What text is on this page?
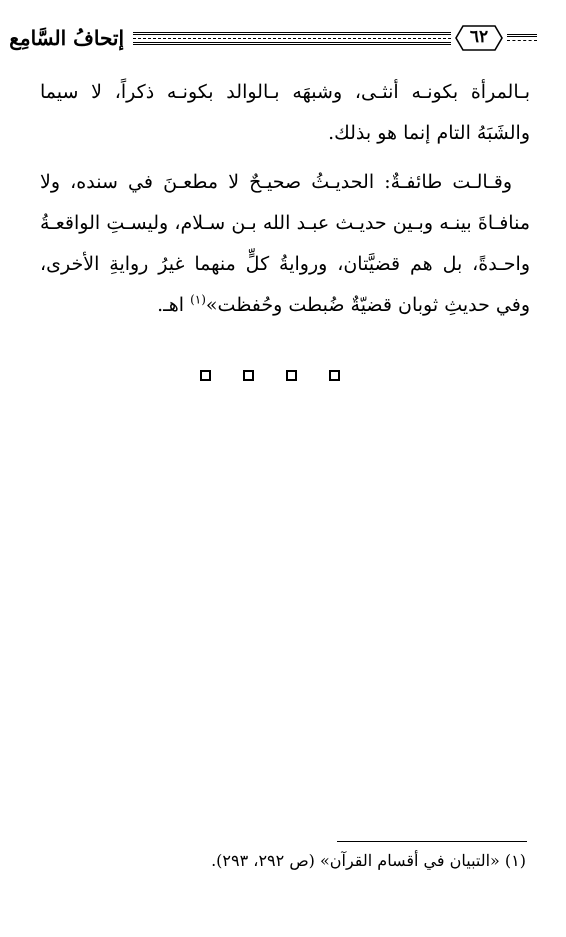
إتحافُ السَّامِع	٦٢

بـالمرأة بكونـه أنثـى، وشبهَه بـالوالد بكونـه ذكراً، لا سيما والشَبَهُ التام إنما هو بذلك.

وقـالـت طائفـةٌ: الحديـثُ صحيـحٌ لا مطعـنَ في سنده، ولا منافـاةَ بينـه وبـين حديـث عبـد الله بـن سـلام، وليسـتِ الواقعـةُ واحـدةً، بل هم قضيَّتان، وروايةُ كلٍّ منهما غيرُ روايةِ الأخرى، وفي حديثِ ثوبان قضيّةٌ ضُبطت وحُفظت»$^{(١)}$ اهـ.

(١) «التبيان في أقسام القرآن» (ص ٢٩٢، ٢٩٣).
